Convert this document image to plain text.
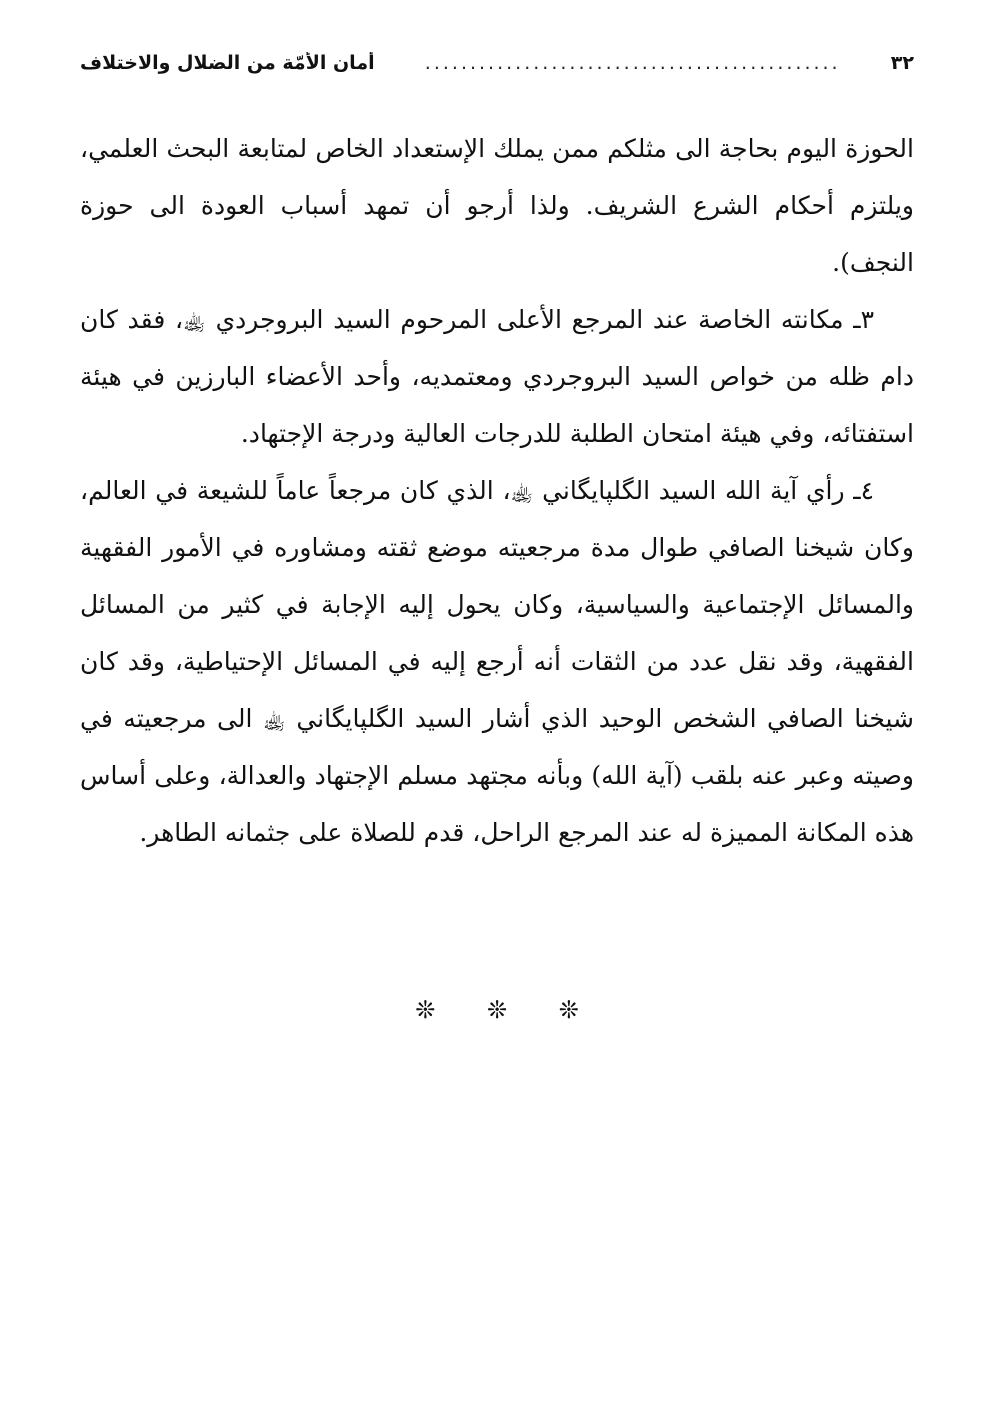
٣٢
..............................................
أمان الأُمّة من الضلال والاختلاف

الحوزة اليوم بحاجة الى مثلكم ممن يملك الإستعداد الخاص لمتابعة البحث العلمي، ويلتزم أحكام الشرع الشريف. ولذا أرجو أن تمهد أسباب العودة الى حوزة النجف).

٣ـ مكانته الخاصة عند المرجع الأعلى المرحوم السيد البروجردي ﵀، فقد كان دام ظله من خواص السيد البروجردي ومعتمديه، وأحد الأعضاء البارزين في هيئة استفتائه، وفي هيئة امتحان الطلبة للدرجات العالية ودرجة الإجتهاد.

٤ـ رأي آية الله السيد الگلپايگاني ﵀، الذي كان مرجعاً عاماً للشيعة في العالم، وكان شيخنا الصافي طوال مدة مرجعيته موضع ثقته ومشاوره في الأمور الفقهية والمسائل الإجتماعية والسياسية، وكان يحول إليه الإجابة في كثير من المسائل الفقهية، وقد نقل عدد من الثقات أنه أرجع إليه في المسائل الإحتياطية، وقد كان شيخنا الصافي الشخص الوحيد الذي أشار السيد الگلپايگاني ﵀ الى مرجعيته في وصيته وعبر عنه بلقب (آية الله) وبأنه مجتهد مسلم الإجتهاد والعدالة، وعلى أساس هذه المكانة المميزة له عند المرجع الراحل، قدم للصلاة على جثمانه الطاهر.

❊ ❊ ❊
